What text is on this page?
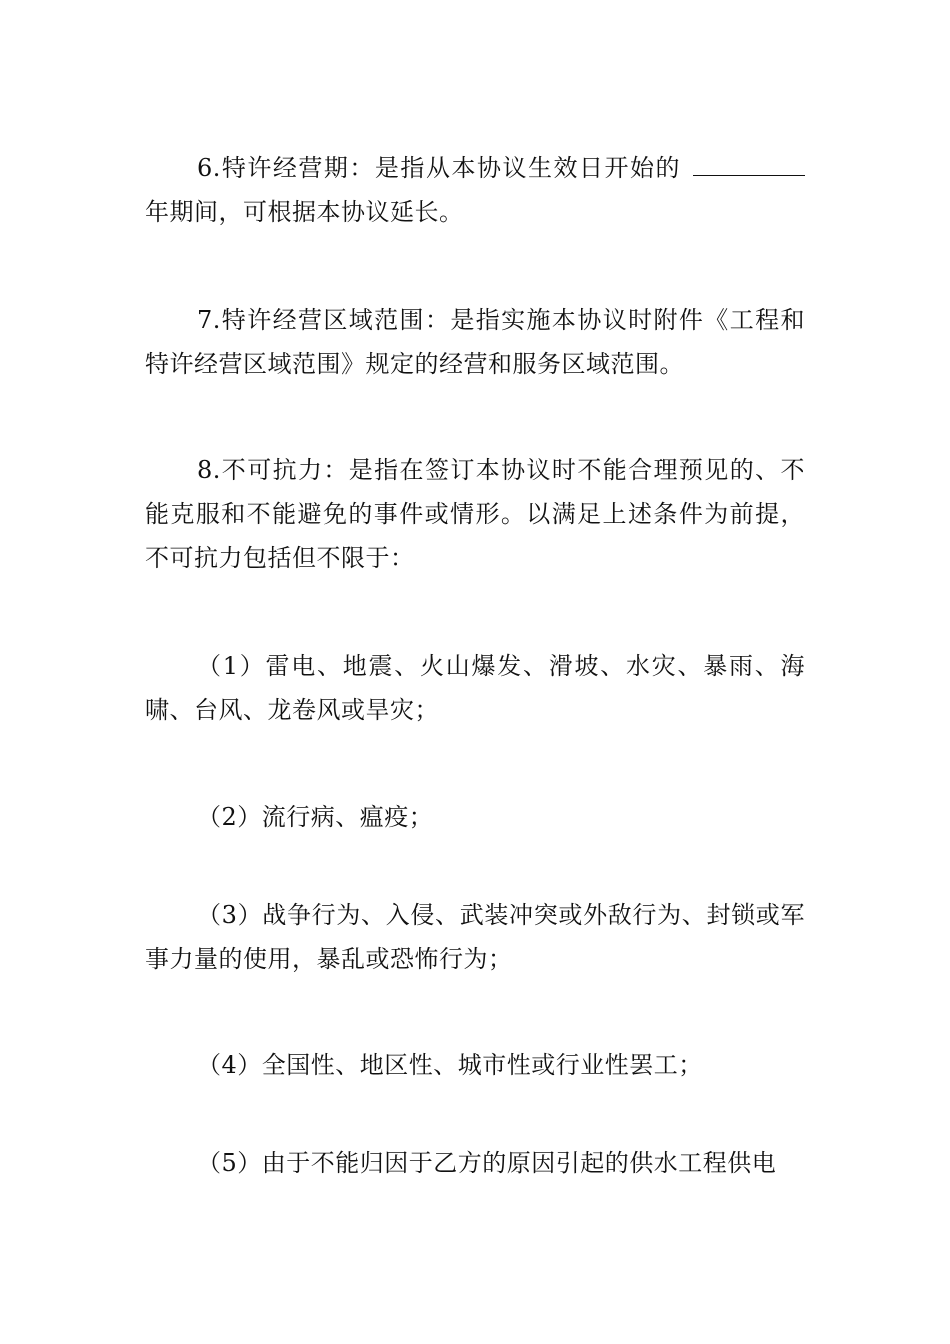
6.特许经营期：是指从本协议生效日开始的年期间，可根据本协议延长。

7.特许经营区域范围：是指实施本协议时附件《工程和特许经营区域范围》规定的经营和服务区域范围。

8.不可抗力：是指在签订本协议时不能合理预见的、不能克服和不能避免的事件或情形。以满足上述条件为前提，不可抗力包括但不限于：

（1）雷电、地震、火山爆发、滑坡、水灾、暴雨、海啸、台风、龙卷风或旱灾；

（2）流行病、瘟疫；

（3）战争行为、入侵、武装冲突或外敌行为、封锁或军事力量的使用，暴乱或恐怖行为；

（4）全国性、地区性、城市性或行业性罢工；

（5）由于不能归因于乙方的原因引起的供水工程供电
